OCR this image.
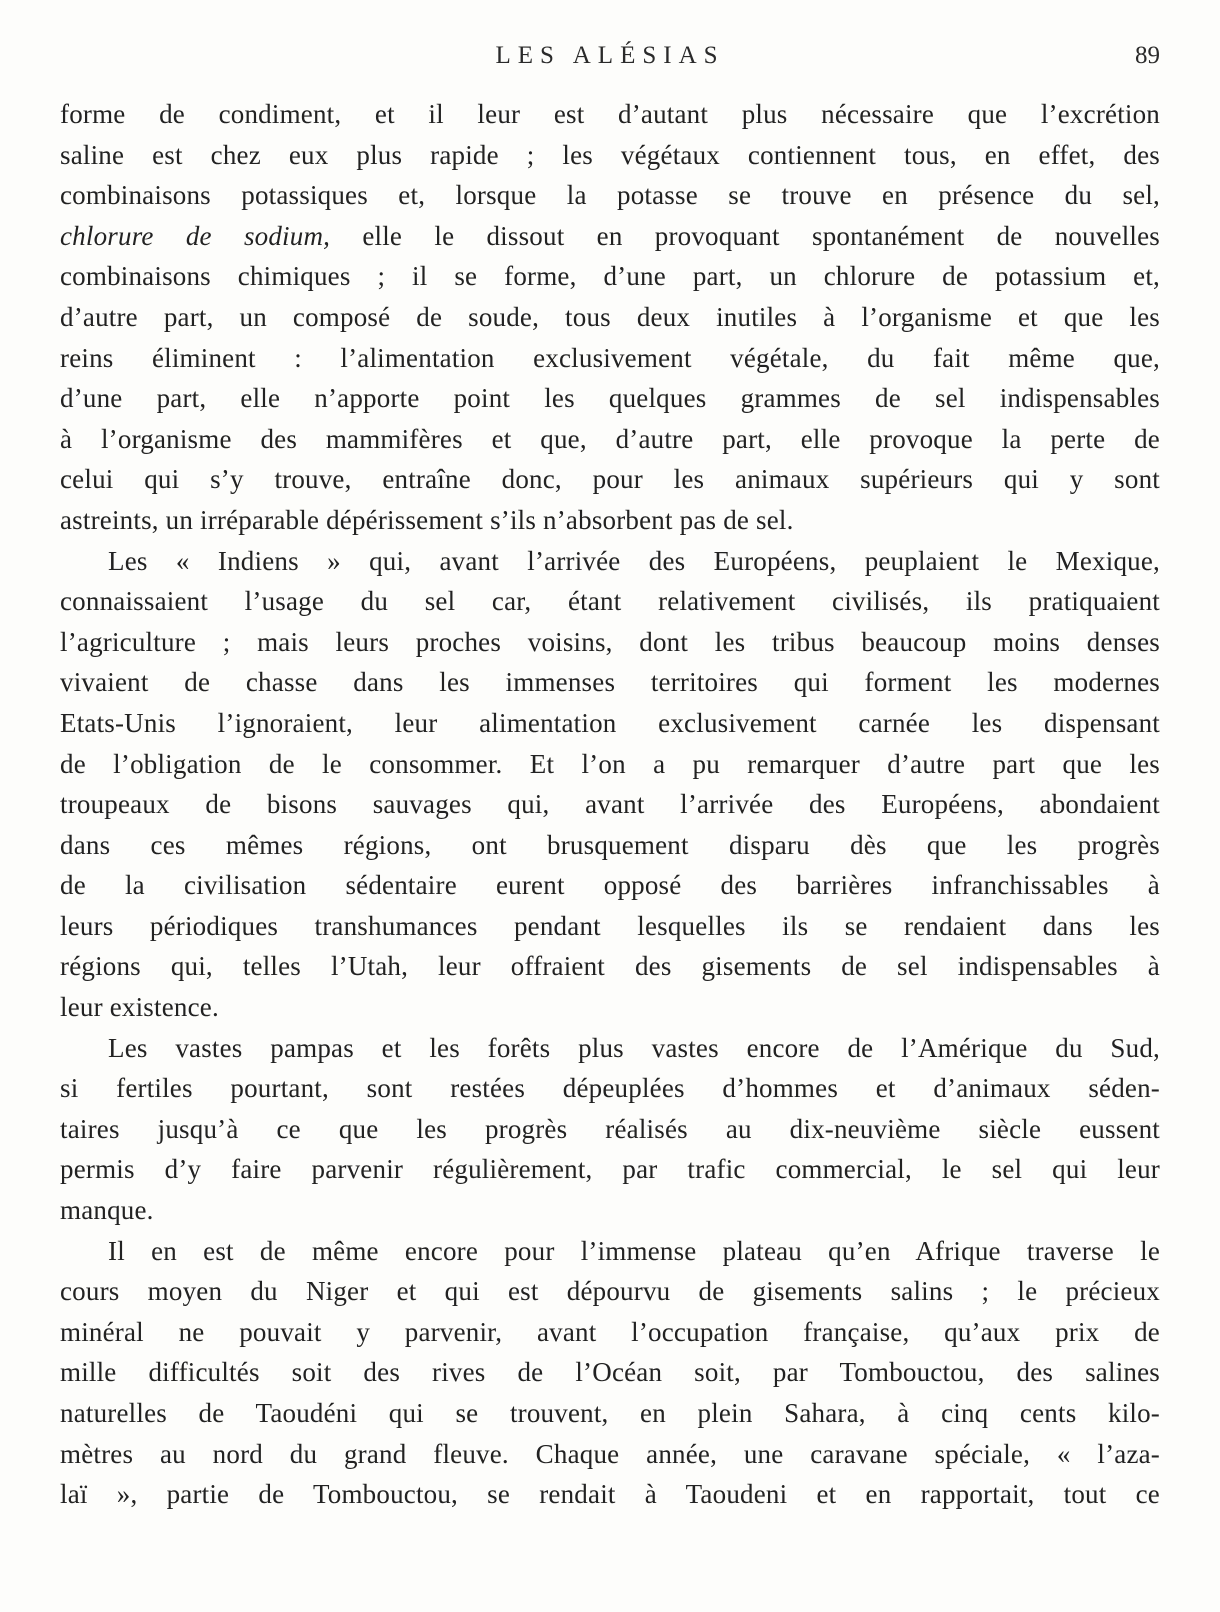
LES ALÉSIAS	89
forme de condiment, et il leur est d’autant plus nécessaire que l’excrétion
saline est chez eux plus rapide ; les végétaux contiennent tous, en effet, des
combinaisons potassiques et, lorsque la potasse se trouve en présence du sel,
chlorure de sodium, elle le dissout en provoquant spontanément de nouvelles
combinaisons chimiques ; il se forme, d’une part, un chlorure de potassium et,
d’autre part, un composé de soude, tous deux inutiles à l’organisme et que les
reins éliminent : l’alimentation exclusivement végétale, du fait même que,
d’une part, elle n’apporte point les quelques grammes de sel indispensables
à l’organisme des mammifères et que, d’autre part, elle provoque la perte de
celui qui s’y trouve, entraîne donc, pour les animaux supérieurs qui y sont
astreints, un irréparable dépérissement s’ils n’absorbent pas de sel.
Les « Indiens » qui, avant l’arrivée des Européens, peuplaient le Mexique,
connaissaient l’usage du sel car, étant relativement civilisés, ils pratiquaient
l’agriculture ; mais leurs proches voisins, dont les tribus beaucoup moins denses
vivaient de chasse dans les immenses territoires qui forment les modernes
Etats-Unis l’ignoraient, leur alimentation exclusivement carnée les dispensant
de l’obligation de le consommer. Et l’on a pu remarquer d’autre part que les
troupeaux de bisons sauvages qui, avant l’arrivée des Européens, abondaient
dans ces mêmes régions, ont brusquement disparu dès que les progrès
de la civilisation sédentaire eurent opposé des barrières infranchissables à
leurs périodiques transhumances pendant lesquelles ils se rendaient dans les
régions qui, telles l’Utah, leur offraient des gisements de sel indispensables à
leur existence.
Les vastes pampas et les forêts plus vastes encore de l’Amérique du Sud,
si fertiles pourtant, sont restées dépeuplées d’hommes et d’animaux séden-
taires jusqu’à ce que les progrès réalisés au dix-neuvième siècle eussent
permis d’y faire parvenir régulièrement, par trafic commercial, le sel qui leur
manque.
Il en est de même encore pour l’immense plateau qu’en Afrique traverse le
cours moyen du Niger et qui est dépourvu de gisements salins ; le précieux
minéral ne pouvait y parvenir, avant l’occupation française, qu’aux prix de
mille difficultés soit des rives de l’Océan soit, par Tombouctou, des salines
naturelles de Taoudéni qui se trouvent, en plein Sahara, à cinq cents kilo-
mètres au nord du grand fleuve. Chaque année, une caravane spéciale, « l’aza-
laï », partie de Tombouctou, se rendait à Taoudeni et en rapportait, tout ce
